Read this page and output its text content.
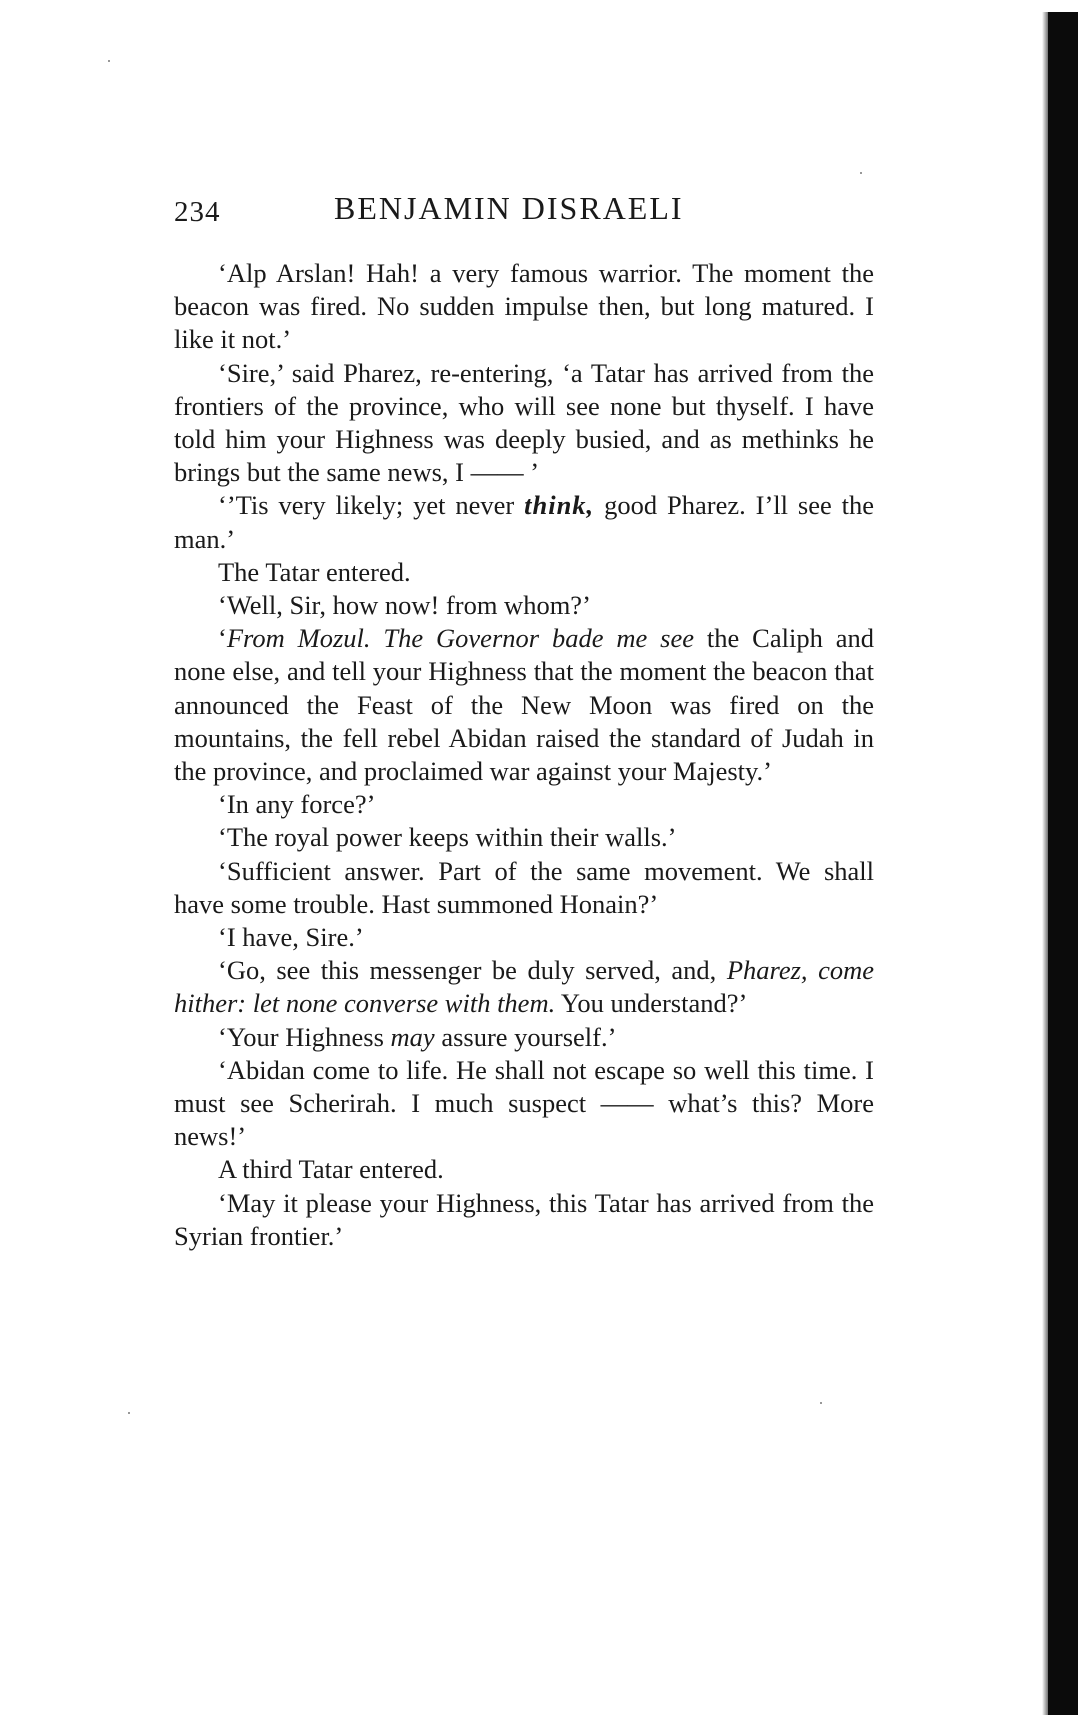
234	BENJAMIN DISRAELI

‘Alp Arslan! Hah! a very famous warrior. The moment the beacon was fired. No sudden impulse then, but long matured. I like it not.’

‘Sire,’ said Pharez, re-entering, ‘a Tatar has arrived from the frontiers of the province, who will see none but thyself. I have told him your Highness was deeply busied, and as methinks he brings but the same news, I —— ’

‘’Tis very likely; yet never think, good Pharez. I’ll see the man.’

The Tatar entered.

‘Well, Sir, how now! from whom?’

‘From Mozul. The Governor bade me see the Caliph and none else, and tell your Highness that the moment the beacon that announced the Feast of the New Moon was fired on the mountains, the fell rebel Abidan raised the standard of Judah in the province, and proclaimed war against your Majesty.’

‘In any force?’

‘The royal power keeps within their walls.’

‘Sufficient answer. Part of the same movement. We shall have some trouble. Hast summoned Honain?’

‘I have, Sire.’

‘Go, see this messenger be duly served, and, Pharez, come hither: let none converse with them. You understand?’

‘Your Highness may assure yourself.’

‘Abidan come to life. He shall not escape so well this time. I must see Scherirah. I much suspect —— what’s this? More news!’

A third Tatar entered.

‘May it please your Highness, this Tatar has arrived from the Syrian frontier.’
